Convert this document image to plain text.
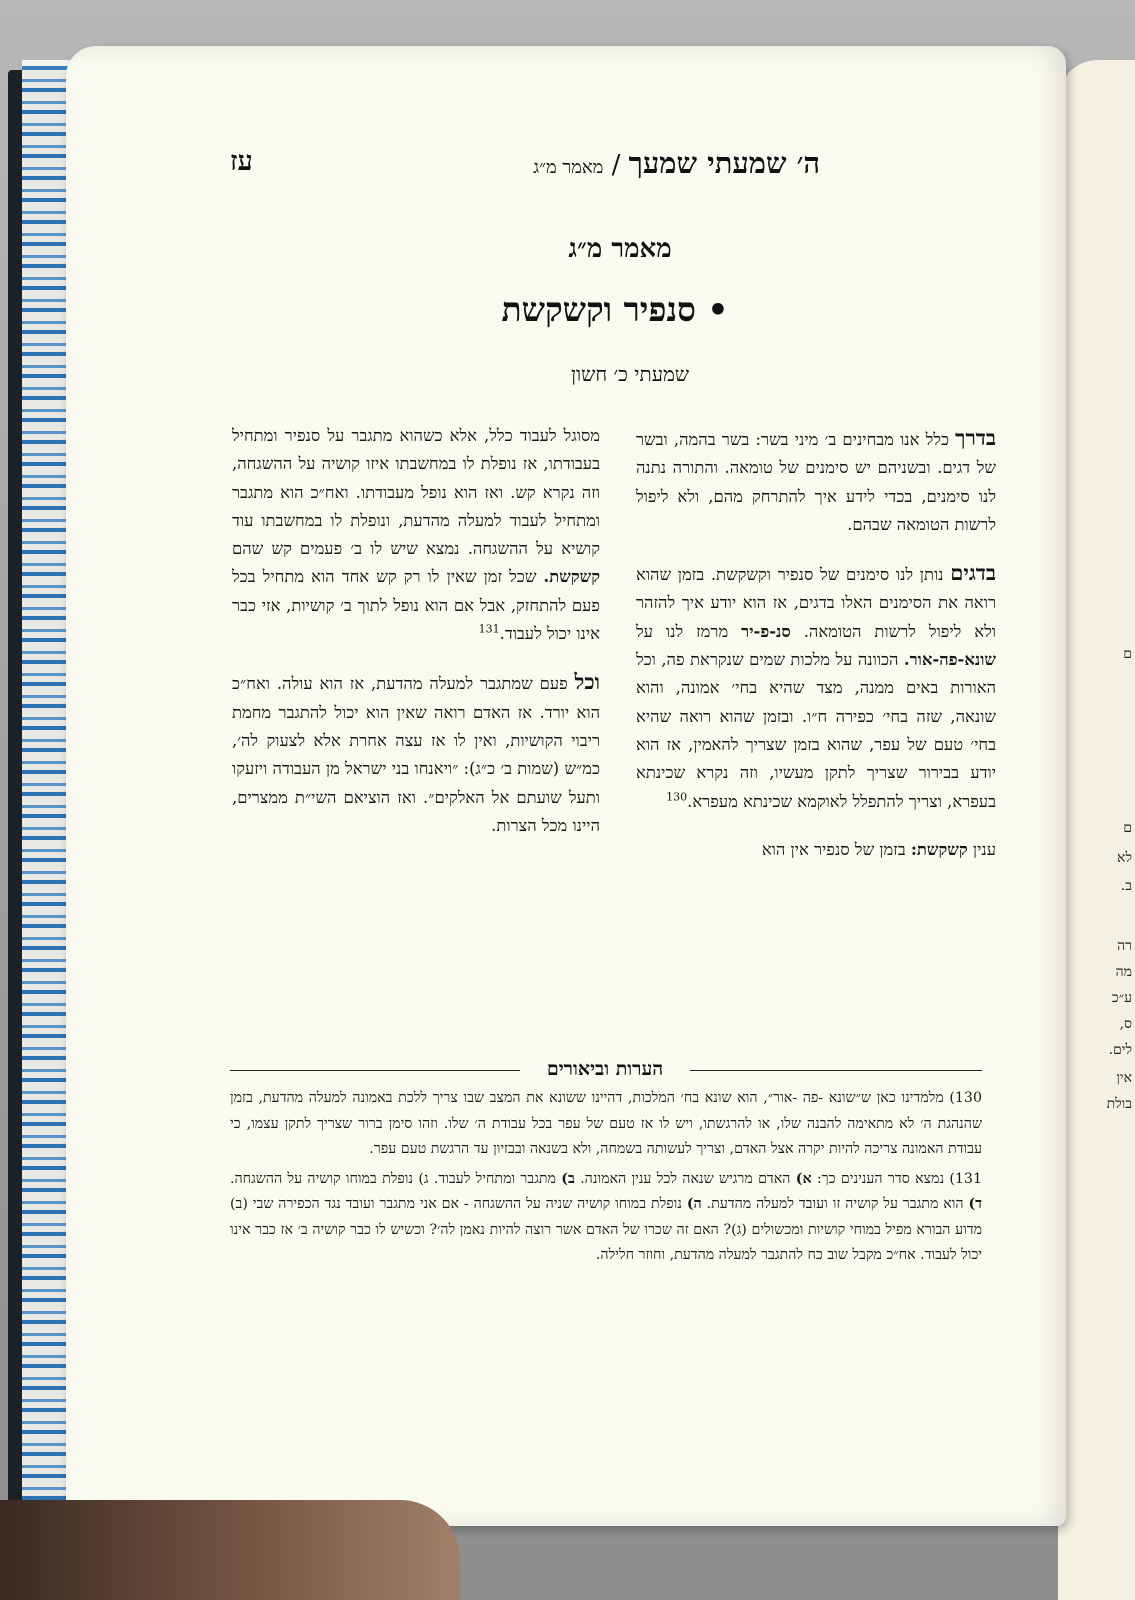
ם
ם
לא
ב.
רה
מה
ע״כ
ס,
לים.
אין
בולת
עז	ה׳ שמעתי שמעך / מאמר מ״ג
מאמר מ״ג
• סנפיר וקשקשת
שמעתי כ׳ חשון

בדרך כלל אנו מבחינים ב׳ מיני בשר: בשר בהמה, ובשר של דגים. ובשניהם יש סימנים של טומאה. והתורה נתנה לנו סימנים, בכדי לידע איך להתרחק מהם, ולא ליפול לרשות הטומאה שבהם.

בדגים נותן לנו סימנים של סנפיר וקשקשת. בזמן שהוא רואה את הסימנים האלו בדגים, אז הוא יודע איך להזהר ולא ליפול לרשות הטומאה. סנ-פ-יר מרמז לנו על שונא-פה-אור. הכוונה על מלכות שמים שנקראת פה, וכל האורות באים ממנה, מצד שהיא בחי׳ אמונה, והוא שונאה, שזה בחי׳ כפירה ח״ו. ובזמן שהוא רואה שהיא בחי׳ טעם של עפר, שהוא בזמן שצריך להאמין, אז הוא יודע בבירור שצריך לתקן מעשיו, וזה נקרא שכינתא בעפרא, וצריך להתפלל לאוקמא שכינתא מעפרא.$^{130}$

ענין קשקשת: בזמן של סנפיר אין הוא

מסוגל לעבוד כלל, אלא כשהוא מתגבר על סנפיר ומתחיל בעבודתו, אז נופלת לו במחשבתו איזו קושיה על ההשגחה, וזה נקרא קש. ואז הוא נופל מעבודתו. ואח״כ הוא מתגבר ומתחיל לעבוד למעלה מהדעת, ונופלת לו במחשבתו עוד קושיא על ההשגחה. נמצא שיש לו ב׳ פעמים קש שהם קשקשת. שכל זמן שאין לו רק קש אחד הוא מתחיל בכל פעם להתחזק, אבל אם הוא נופל לתוך ב׳ קושיות, אזי כבר אינו יכול לעבוד.$^{131}$

וכל פעם שמתגבר למעלה מהדעת, אז הוא עולה. ואח״כ הוא יורד. אז האדם רואה שאין הוא יכול להתגבר מחמת ריבוי הקושיות, ואין לו אז עצה אחרת אלא לצעוק לה׳, כמ״ש (שמות ב׳ כ״ג): ״ויאנחו בני ישראל מן העבודה ויזעקו ותעל שועתם אל האלקים״. ואז הוציאם השי״ת ממצרים, היינו מכל הצרות.

הערות וביאורים

130) מלמדינו כאן ש״שונא -פה -אור״, הוא שונא בח׳ המלכות, דהיינו ששונא את המצב שבו צריך ללכת באמונה למעלה מהדעת, בזמן שהנהגת ה׳ לא מתאימה להבנה שלו, או להרגשתו, ויש לו אז טעם של עפר בכל עבודת ה׳ שלו. וזהו סימן ברור שצריך לתקן עצמו, כי עבודת האמונה צריכה להיות יקרה אצל האדם, וצריך לעשותה בשמחה, ולא בשנאה ובבזיון עד הרגשת טעם עפר.

131) נמצא סדר הענינים כך: א) האדם מרגיש שנאה לכל ענין האמונה. ב) מתגבר ומתחיל לעבוד. ג) נופלת במוחו קושיה על ההשגחה. ד) הוא מתגבר על קושיה זו ועובד למעלה מהדעת. ה) נופלת במוחו קושיה שניה על ההשגחה - אם אני מתגבר ועובד נגד הכפירה שבי (ב) מדוע הבורא מפיל במוחי קושיות ומכשולים (ג)? האם זה שכרו של האדם אשר רוצה להיות נאמן לה׳? וכשיש לו כבר קושיה ב׳ אז כבר אינו יכול לעבוד. אח״כ מקבל שוב כח להתגבר למעלה מהדעת, וחוזר חלילה.
